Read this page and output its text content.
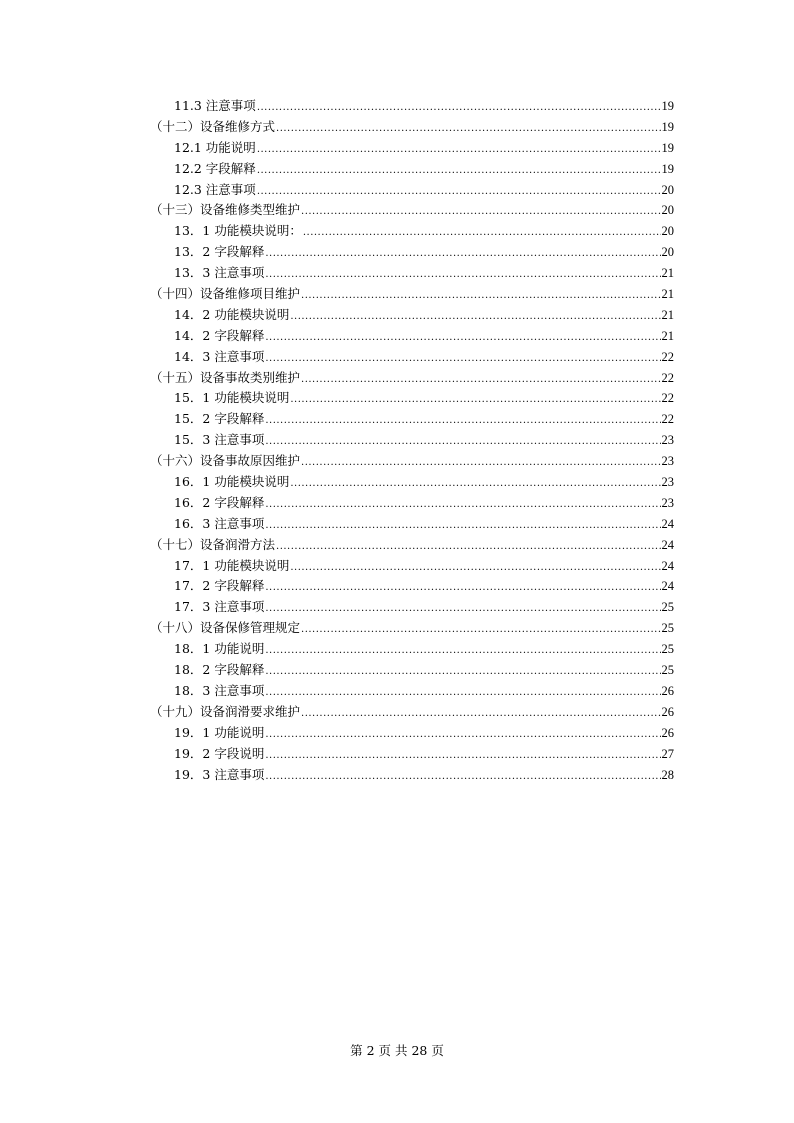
11.3 注意事项 .....	19
（十二）设备维修方式 .....	19
12.1 功能说明 .....	19
12.2 字段解释 .....	19
12.3 注意事项 .....	20
（十三）设备维修类型维护 .....	20
13．1 功能模块说明： .....	20
13．2 字段解释 .....	20
13．3 注意事项 .....	21
（十四）设备维修项目维护 .....	21
14．2 功能模块说明 .....	21
14．2 字段解释 .....	21
14．3 注意事项 .....	22
（十五）设备事故类别维护 .....	22
15．1 功能模块说明 .....	22
15．2 字段解释 .....	22
15．3 注意事项 .....	23
（十六）设备事故原因维护 .....	23
16．1 功能模块说明 .....	23
16．2 字段解释 .....	23
16．3 注意事项 .....	24
（十七）设备润滑方法 .....	24
17．1 功能模块说明 .....	24
17．2 字段解释 .....	24
17．3 注意事项 .....	25
（十八）设备保修管理规定 .....	25
18．1 功能说明 .....	25
18．2 字段解释 .....	25
18．3 注意事项 .....	26
（十九）设备润滑要求维护 .....	26
19．1 功能说明 .....	26
19．2 字段说明 .....	27
19．3 注意事项 .....	28
第 2 页 共 28 页
